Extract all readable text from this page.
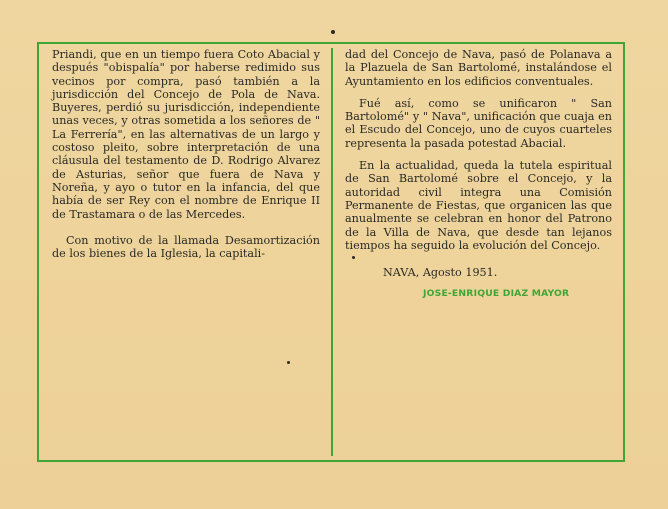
Priandi, que en un tiempo fuera Coto Abacial y después "obispalía" por haberse redimido sus vecinos por compra, pasó también a la jurisdicción del Concejo de Pola de Nava. Buyeres, perdió su jurisdicción, independiente unas veces, y otras sometida a los señores de " La Ferrería", en las alternativas de un largo y costoso pleito, sobre interpretación de una cláusula del testamento de D. Rodrigo Alvarez de Asturias, señor que fuera de Nava y Noreña, y ayo o tutor en la infancia, del que había de ser Rey con el nombre de Enrique II de Trastamara o de las Mercedes.

Con motivo de la llamada Desamortización de los bienes de la Iglesia, la capitali-

dad del Concejo de Nava, pasó de Polanava a la Plazuela de San Bartolomé, instalándose el Ayuntamiento en los edificios conventuales.

Fué así, como se unificaron " San Bartolomé" y " Nava", unificación que cuaja en el Escudo del Concejo, uno de cuyos cuarteles representa la pasada potestad Abacial.

En la actualidad, queda la tutela espiritual de San Bartolomé sobre el Concejo, y la autoridad civil integra una Comisión Permanente de Fiestas, que organicen las que anualmente se celebran en honor del Patrono de la Villa de Nava, que desde tan lejanos tiempos ha seguido la evolución del Concejo.

NAVA, Agosto 1951.
JOSE-ENRIQUE DIAZ MAYOR
